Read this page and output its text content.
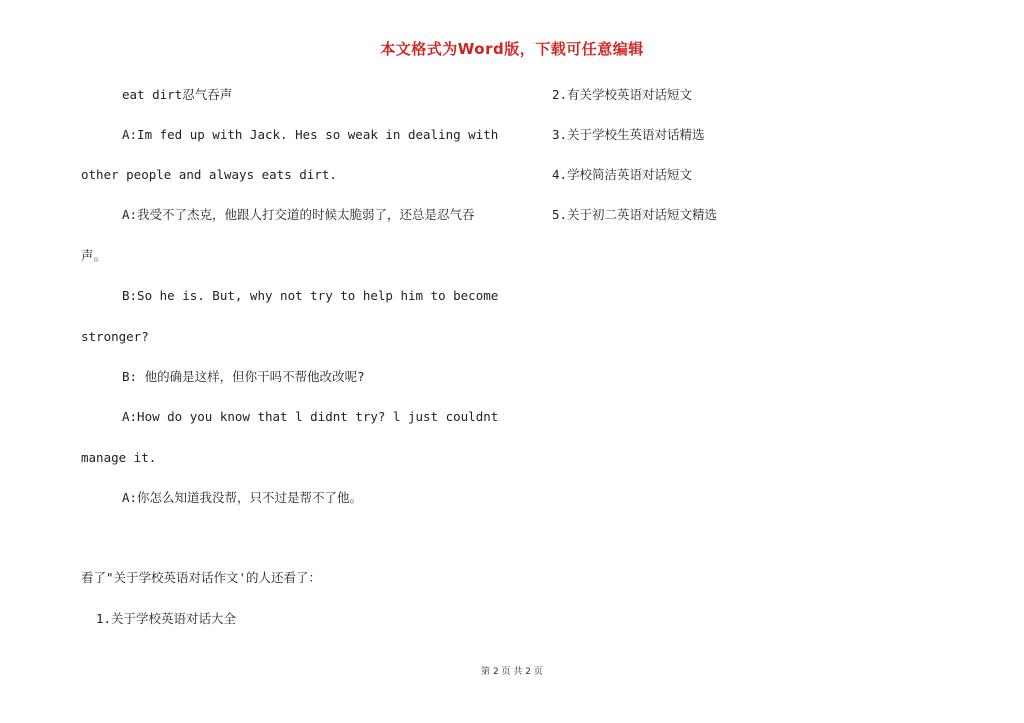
本文格式为Word版，下载可任意编辑
eat dirt忍气吞声
A:Im fed up with Jack. Hes so weak in dealing with
other people and always eats dirt.
A:我受不了杰克，他跟人打交道的时候太脆弱了，还总是忍气吞
声。
B:So he is. But, why not try to help him to become
stronger?
B: 他的确是这样，但你干吗不帮他改改呢?
A:How do you know that l didnt try? l just couldnt
manage it.
A:你怎么知道我没帮，只不过是帮不了他。
看了"关于学校英语对话作文'的人还看了：
1.关于学校英语对话大全
2.有关学校英语对话短文
3.关于学校生英语对话精选
4.学校简洁英语对话短文
5.关于初二英语对话短文精选
第 2 页 共 2 页
